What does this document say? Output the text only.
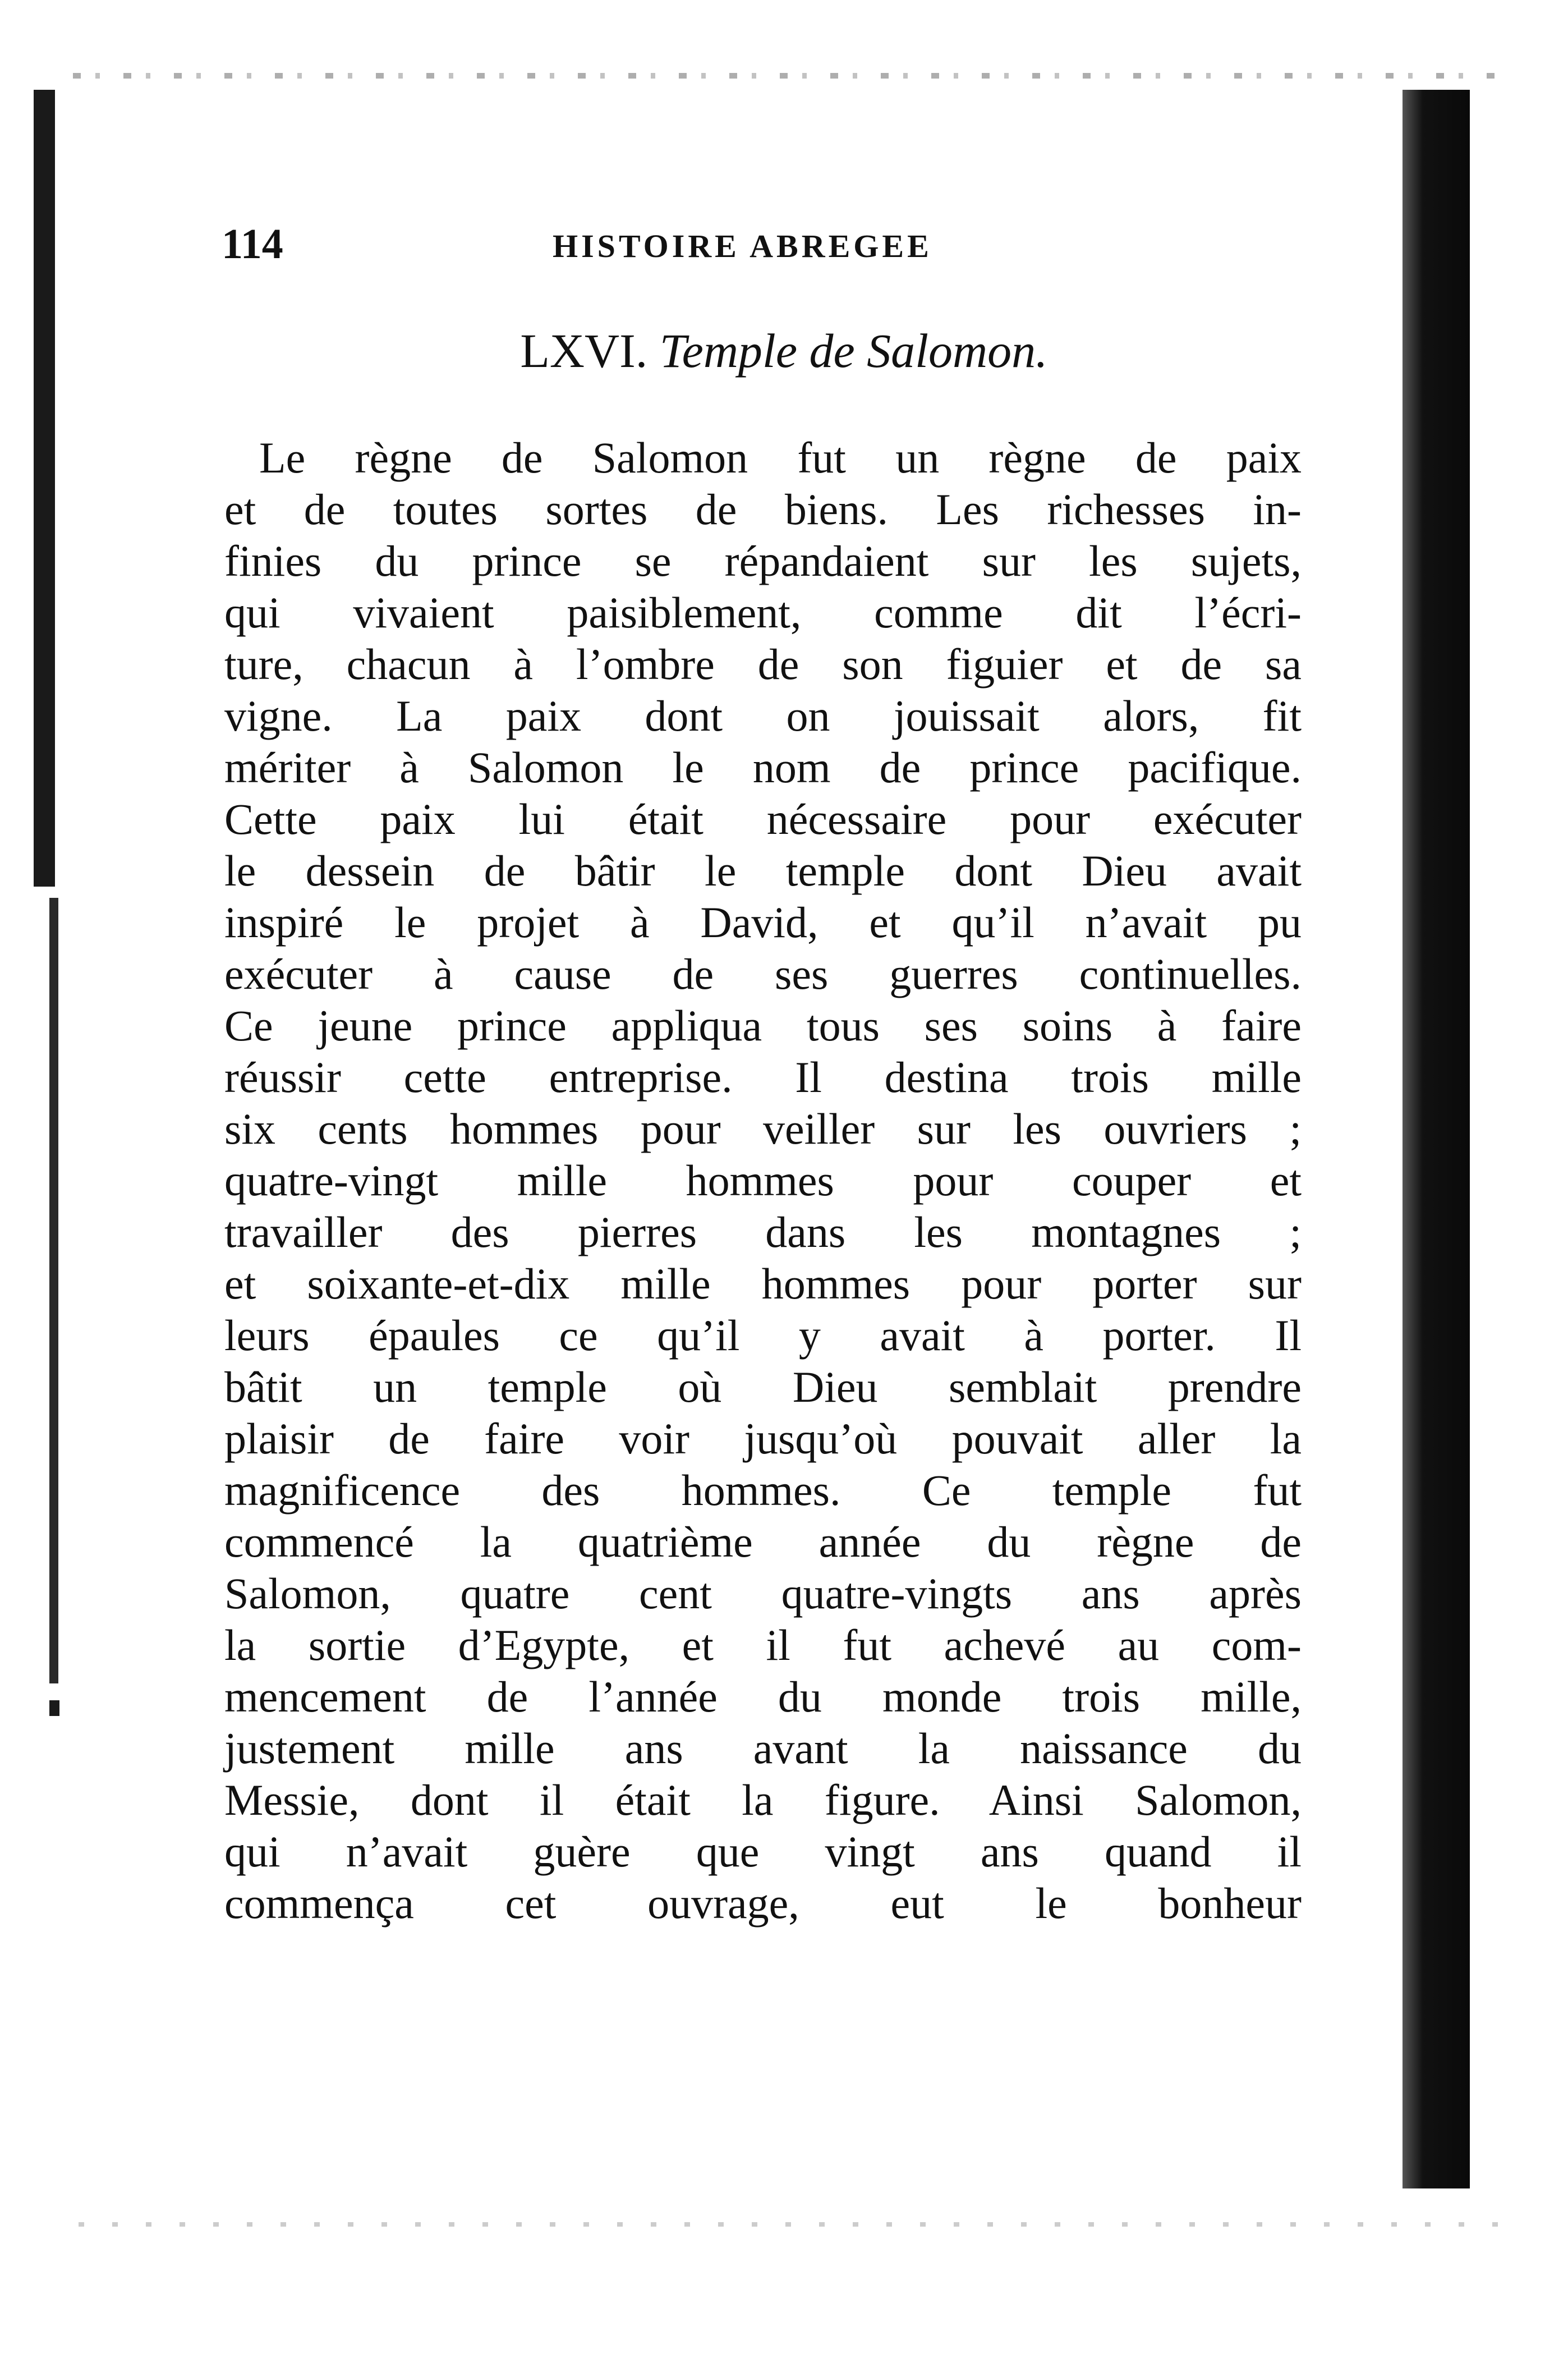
114	HISTOIRE ABREGEE
LXVI. Temple de Salomon.
Le règne de Salomon fut un règne de paix
et de toutes sortes de biens. Les richesses in-
finies du prince se répandaient sur les sujets,
qui vivaient paisiblement, comme dit l’écri-
ture, chacun à l’ombre de son figuier et de sa
vigne. La paix dont on jouissait alors, fit
mériter à Salomon le nom de prince pacifique.
Cette paix lui était nécessaire pour exécuter
le dessein de bâtir le temple dont Dieu avait
inspiré le projet à David, et qu’il n’avait pu
exécuter à cause de ses guerres continuelles.
Ce jeune prince appliqua tous ses soins à faire
réussir cette entreprise. Il destina trois mille
six cents hommes pour veiller sur les ouvriers ;
quatre-vingt mille hommes pour couper et
travailler des pierres dans les montagnes ;
et soixante-et-dix mille hommes pour porter sur
leurs épaules ce qu’il y avait à porter. Il
bâtit un temple où Dieu semblait prendre
plaisir de faire voir jusqu’où pouvait aller la
magnificence des hommes. Ce temple fut
commencé la quatrième année du règne de
Salomon, quatre cent quatre-vingts ans après
la sortie d’Egypte, et il fut achevé au com-
mencement de l’année du monde trois mille,
justement mille ans avant la naissance du
Messie, dont il était la figure. Ainsi Salomon,
qui n’avait guère que vingt ans quand il
commença cet ouvrage, eut le bonheur
